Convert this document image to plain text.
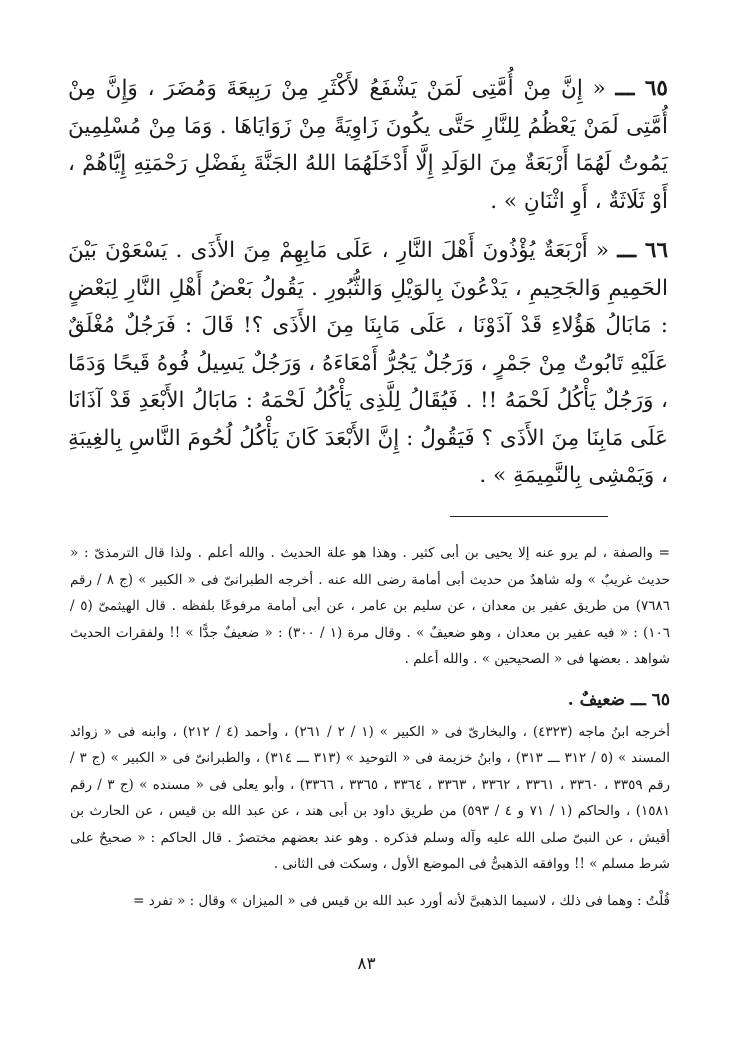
٦٥ ـــ « إِنَّ مِنْ أُمَّتِى لَمَنْ يَشْفَعُ لأَكْثَرِ مِنْ رَبِيعَةَ وَمُضَرَ ، وَإِنَّ مِنْ أُمَّتِى لَمَنْ يَعْظُمُ لِلنَّارِ حَتَّى يكُونَ زَاوِيَةً مِنْ زَوَايَاهَا . وَمَا مِنْ مُسْلِمِينَ يَمُوتُ لَهُمَا أَرْبَعَةٌ مِنَ الوَلَدِ إِلَّا أَدْخَلَهُمَا اللهُ الجَنَّةَ بِفَضْلِ رَحْمَتِهِ إِيَّاهُمْ ، أَوْ ثَلَاثَةٌ ، أَوِ اثْنَانِ » .

٦٦ ـــ « أَرْبَعَةٌ يُؤْذُونَ أَهْلَ النَّارِ ، عَلَى مَابِهِمْ مِنَ الأَذَى . يَسْعَوْنَ بَيْنَ الحَمِيمِ وَالجَحِيمِ ، يَدْعُونَ بِالوَيْلِ وَالثُّبُورِ . يَقُولُ بَعْضُ أَهْلِ النَّارِ لِبَعْضٍ : مَابَالُ هَؤُلاءِ قَدْ آذَوْنَا ، عَلَى مَابِنَا مِنَ الأَذَى ؟! قَالَ : فَرَجُلٌ مُغْلَقٌ عَلَيْهِ تَابُوتٌ مِنْ جَمْرٍ ، وَرَجُلٌ يَجُرُّ أَمْعَاءَهُ ، وَرَجُلٌ يَسِيلُ فُوهُ قَيحًا وَدَمًا ، وَرَجُلٌ يَأْكُلُ لَحْمَهُ !! . فَيُقَالُ لِلَّذِى يَأْكُلُ لَحْمَهُ : مَابَالُ الأَبْعَدِ قَدْ آذَانَا عَلَى مَابِنَا مِنَ الأَذَى ؟ فَيَقُولُ : إِنَّ الأَبْعَدَ كَانَ يَأْكُلُ لُحُومَ النَّاسِ بِالغِيبَةِ ، وَيَمْشِى بِالنَّمِيمَةِ » .

= والصفة ، لم يرو عنه إلا يحيى بن أبى كثير . وهذا هو علة الحديث . والله أعلم . ولذا قال الترمذىّ : « حديث غريبٌ » وله شاهدٌ من حديث أبى أمامة رضى الله عنه . أخرجه الطبرانىّ فى « الكبير » (ج ٨ / رقم ٧٦٨٦) من طريق عفير بن معدان ، عن سليم بن عامر ، عن أبى أمامة مرفوعًا بلفظه . قال الهيثمىّ (٥ / ١٠٦) : « فيه عفير بن معدان ، وهو ضعيفٌ » . وقال مرة (١ / ٣٠٠) : « ضعيفٌ جدًّا » !! ولفقرات الحديث شواهد . بعضها فى « الصحيحين » . والله أعلم .

٦٥ ـــ ضعيفٌ .

أخرجه ابنُ ماجه (٤٣٢٣) ، والبخارىّ فى « الكبير » (١ / ٢ / ٢٦١) ، وأحمد (٤ / ٢١٢) ، وابنه فى « زوائد المسند » (٥ / ٣١٢ ـــ ٣١٣) ، وابنُ خزيمة فى « التوحيد » (٣١٣ ـــ ٣١٤) ، والطبرانىّ فى « الكبير » (ج ٣ / رقم ٣٣٥٩ ، ٣٣٦٠ ، ٣٣٦١ ، ٣٣٦٢ ، ٣٣٦٣ ، ٣٣٦٤ ، ٣٣٦٥ ، ٣٣٦٦) ، وأبو يعلى فى « مسنده » (ج ٣ / رقم ١٥٨١) ، والحاكم (١ / ٧١ و ٤ / ٥٩٣) من طريق داود بن أبى هند ، عن عبد الله بن قيس ، عن الحارث بن أقيش ، عن النبىّ صلى الله عليه وآله وسلم فذكره . وهو عند بعضهم مختصرٌ . قال الحاكم : « صحيحٌ على شرط مسلم » !! ووافقه الذهبىُّ فى الموضع الأول ، وسكت فى الثانى .

قُلْتُ : وهما فى ذلك ، لاسيما الذهبىَّ لأنه أورد عبد الله بن قيس فى « الميزان » وقال : « تفرد =

٨٣
